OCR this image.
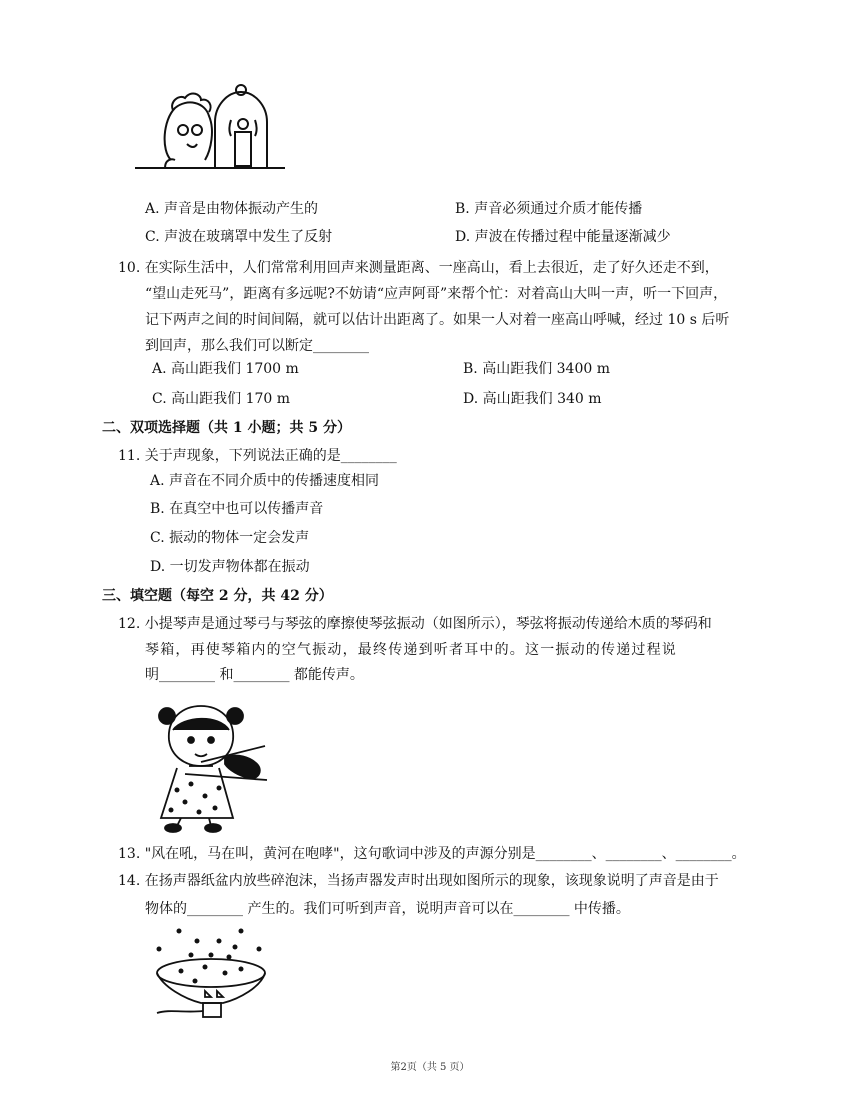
A. 声音是由物体振动产生的	B. 声音必须通过介质才能传播
C. 声波在玻璃罩中发生了反射	D. 声波在传播过程中能量逐渐减少
10. 在实际生活中，人们常常利用回声来测量距离、一座高山，看上去很近，走了好久还走不到，
“望山走死马”，距离有多远呢?不妨请“应声阿哥”来帮个忙：对着高山大叫一声，听一下回声，
记下两声之间的时间间隔，就可以估计出距离了。如果一人对着一座高山呼喊，经过 10 s 后听
到回声，那么我们可以断定________
A. 高山距我们 1700 m	B. 高山距我们 3400 m
C. 高山距我们 170 m	D. 高山距我们 340 m
二、双项选择题（共 1 小题；共 5 分）
11. 关于声现象，下列说法正确的是________
A. 声音在不同介质中的传播速度相同
B. 在真空中也可以传播声音
C. 振动的物体一定会发声
D. 一切发声物体都在振动
三、填空题（每空 2 分，共 42 分）
12. 小提琴声是通过琴弓与琴弦的摩擦使琴弦振动（如图所示），琴弦将振动传递给木质的琴码和
琴箱，再使琴箱内的空气振动，最终传递到听者耳中的。这一振动的传递过程说
明________ 和________ 都能传声。
13. "风在吼，马在叫，黄河在咆哮"，这句歌词中涉及的声源分别是________、________、________。
14. 在扬声器纸盆内放些碎泡沫，当扬声器发声时出现如图所示的现象，该现象说明了声音是由于
物体的________ 产生的。我们可听到声音，说明声音可以在________ 中传播。
第2页（共 5 页）
